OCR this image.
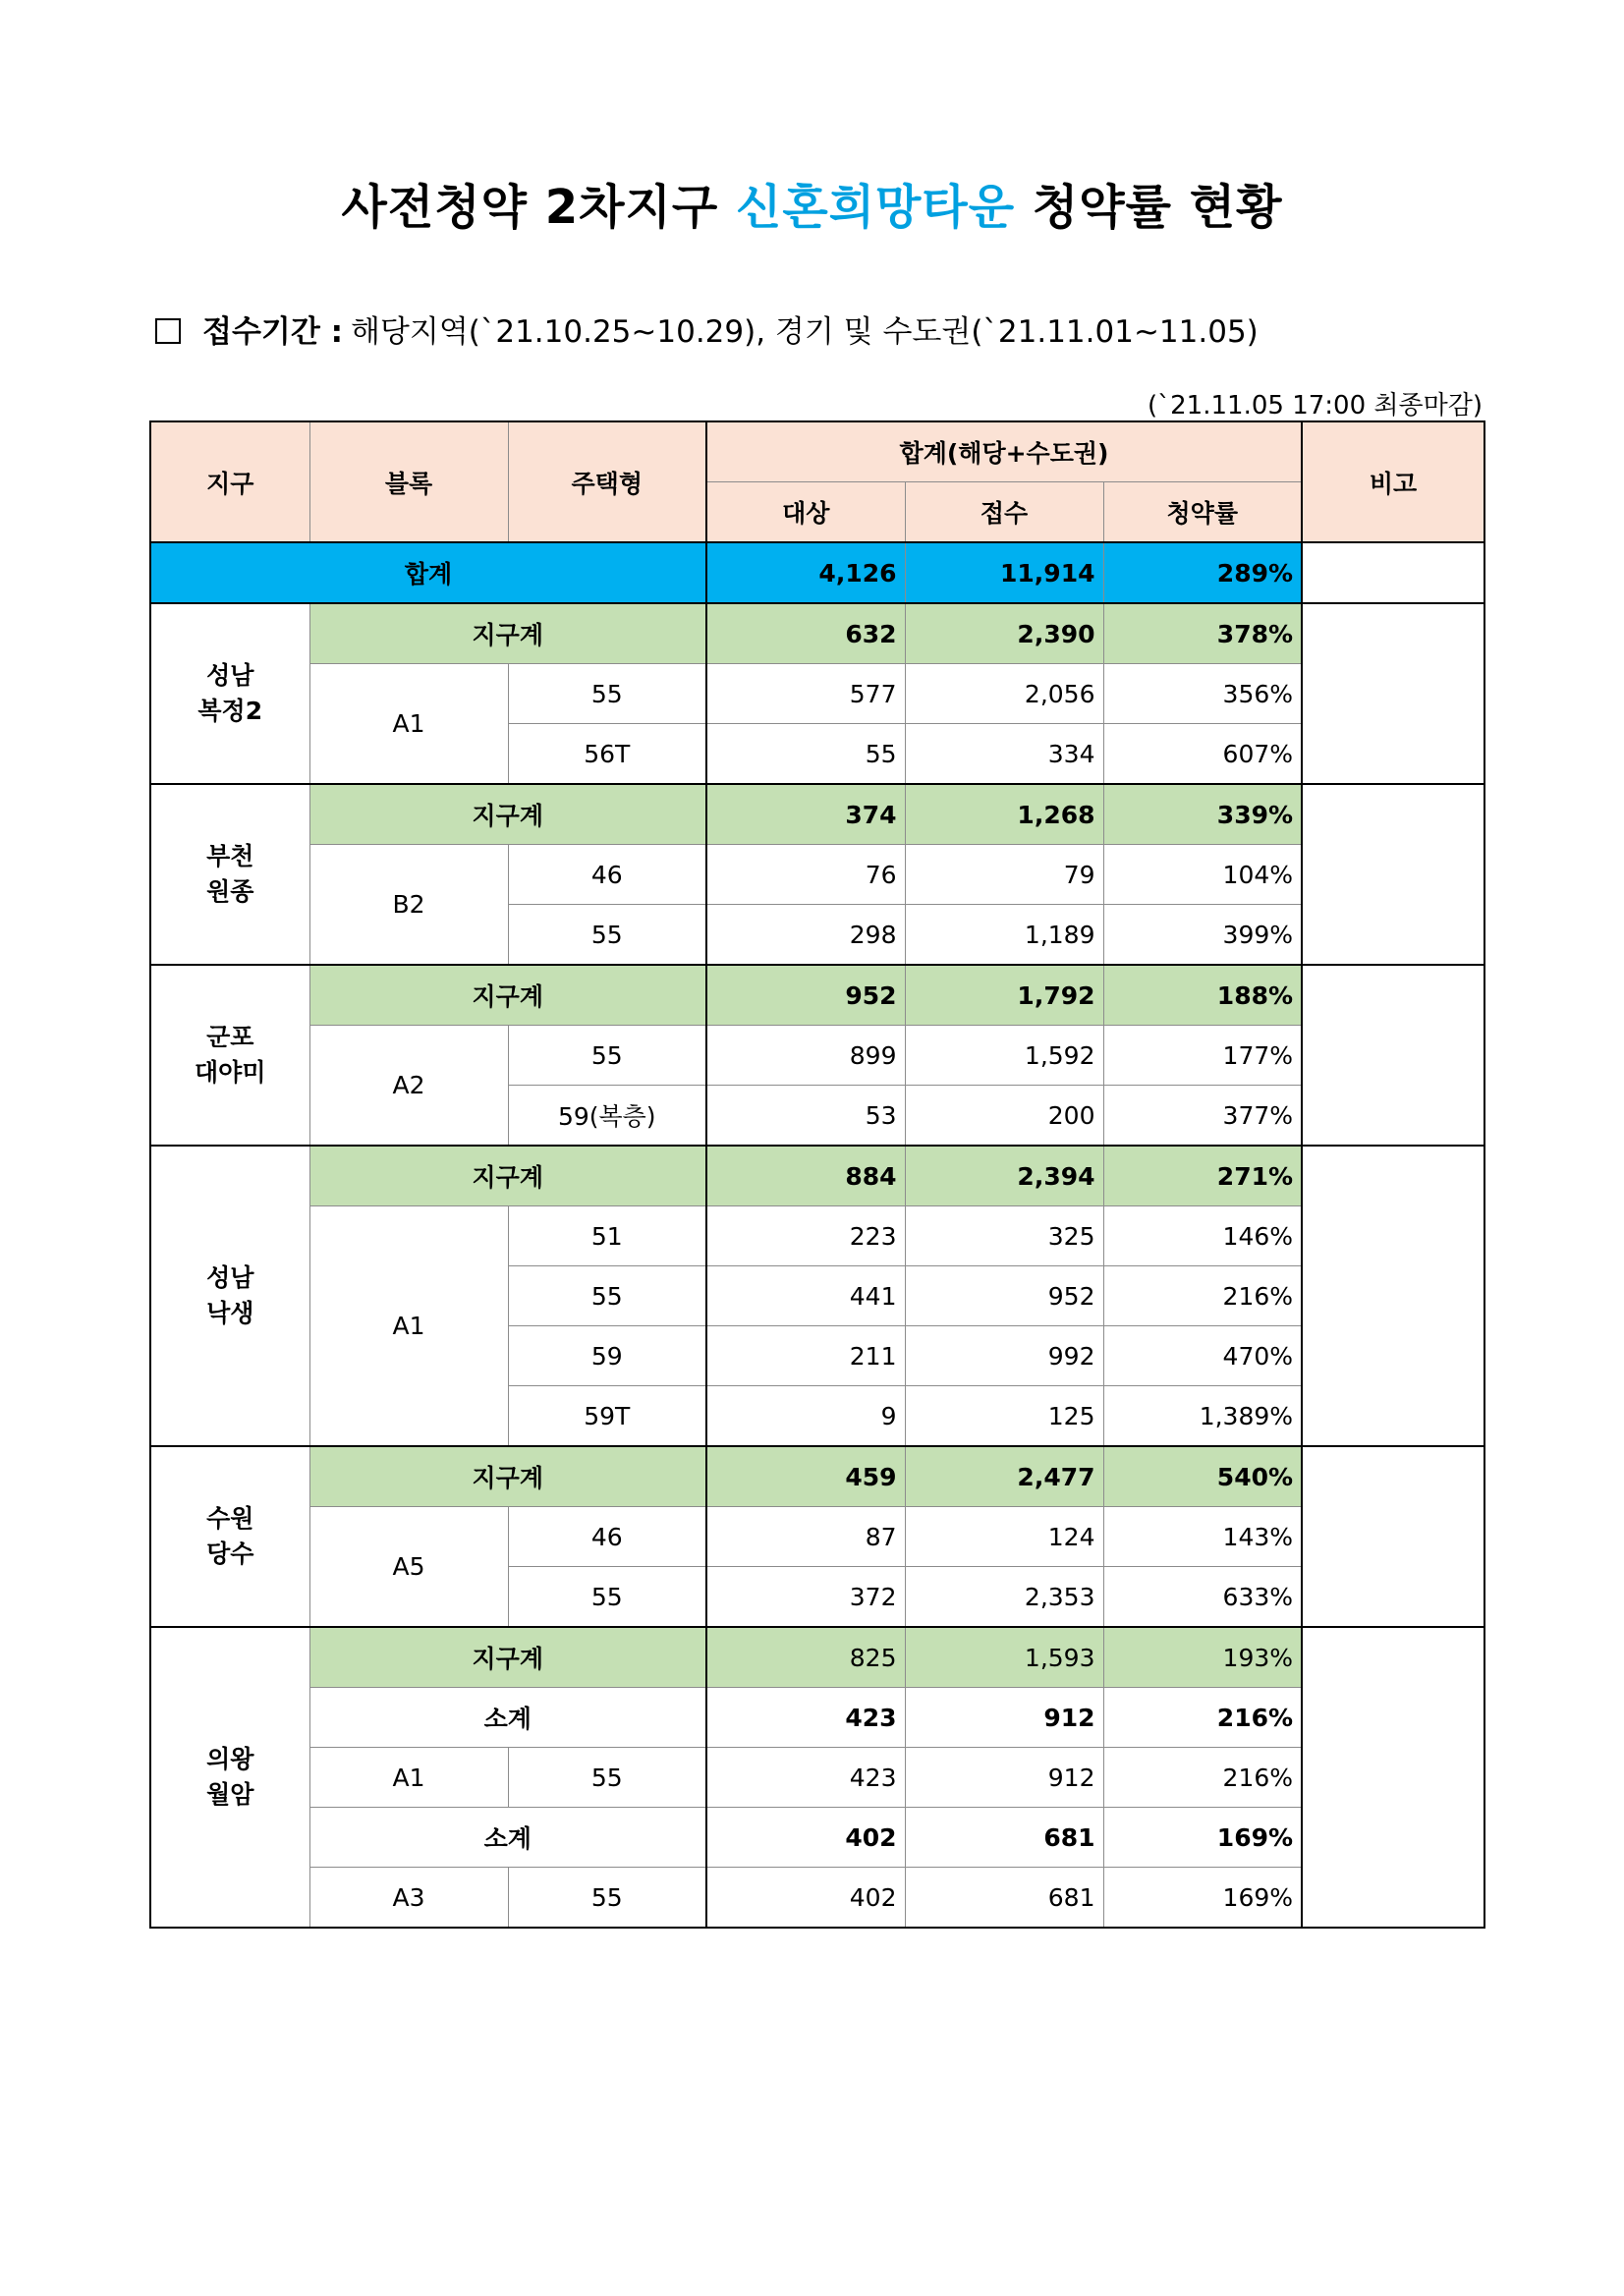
사전청약 2차지구 신혼희망타운 청약률 현황
접수기간 : 해당지역(`21.10.25~10.29), 경기 및 수도권(`21.11.01~11.05)
(`21.11.05 17:00 최종마감)
지구	블록	주택형	합계(해당+수도권)			비고
			대상	접수	청약률	
합계			4,126	11,914	289%	
성남
복정2	지구계		632	2,390	378%	
	A1	55	577	2,056	356%	
		56T	55	334	607%	
부천
원종	지구계		374	1,268	339%	
	B2	46	76	79	104%	
		55	298	1,189	399%	
군포
대야미	지구계		952	1,792	188%	
	A2	55	899	1,592	177%	
		59(복층)	53	200	377%	
성남
낙생	지구계		884	2,394	271%	
	A1	51	223	325	146%	
		55	441	952	216%	
		59	211	992	470%	
		59T	9	125	1,389%	
수원
당수	지구계		459	2,477	540%	
	A5	46	87	124	143%	
		55	372	2,353	633%	
의왕
월암	지구계		825	1,593	193%	
	소계		423	912	216%	
	A1	55	423	912	216%	
	소계		402	681	169%	
	A3	55	402	681	169%	
